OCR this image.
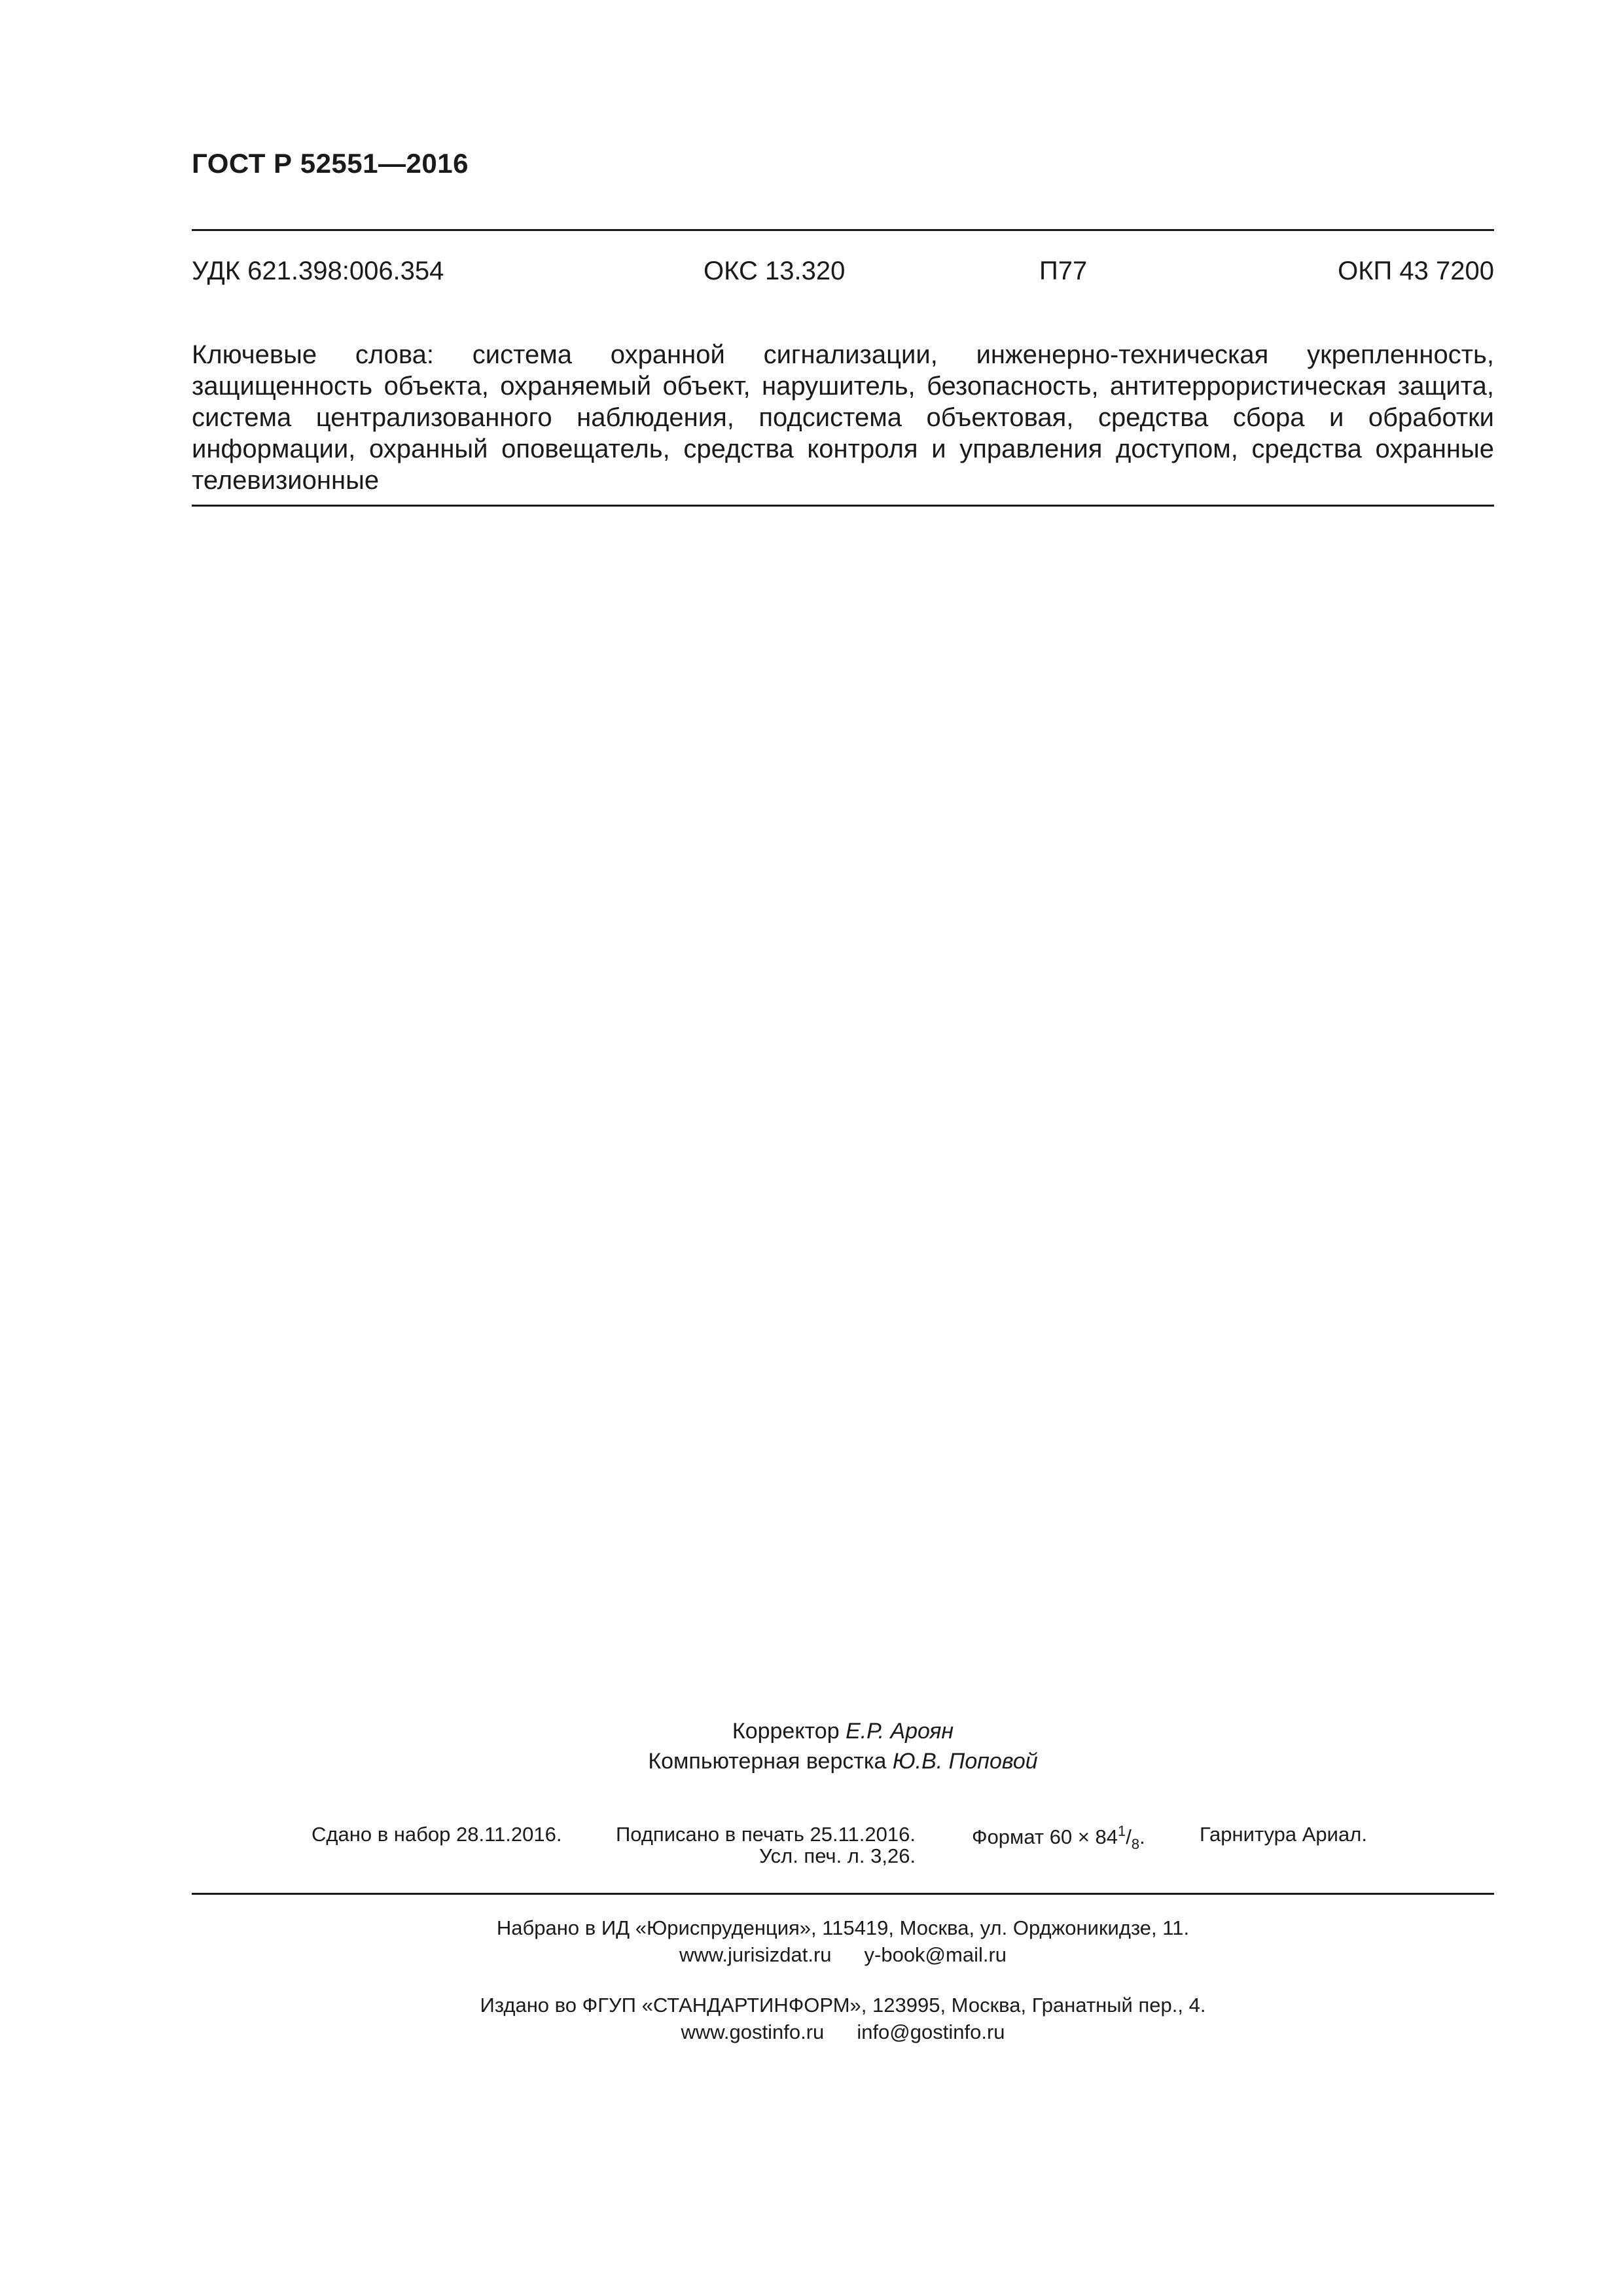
ГОСТ Р 52551—2016
УДК 621.398:006.354	ОКС 13.320	П77	ОКП 43 7200
Ключевые слова: система охранной сигнализации, инженерно-техническая укрепленность, защищенность объекта, охраняемый объект, нарушитель, безопасность, антитеррористическая защита, система централизованного наблюдения, подсистема объектовая, средства сбора и обработки информации, охранный оповещатель, средства контроля и управления доступом, средства охранные телевизионные
Корректор Е.Р. Ароян
Компьютерная верстка Ю.В. Поповой
Сдано в набор 28.11.2016.	Подписано в печать 25.11.2016.	Формат $60 \times 84^1/_8$.	Гарнитура Ариал.
Усл. печ. л. 3,26.
Набрано в ИД «Юриспруденция», 115419, Москва, ул. Орджоникидзе, 11.
www.jurisizdat.ru y-book@mail.ru
Издано во ФГУП «СТАНДАРТИНФОРМ», 123995, Москва, Гранатный пер., 4.
www.gostinfo.ru info@gostinfo.ru
